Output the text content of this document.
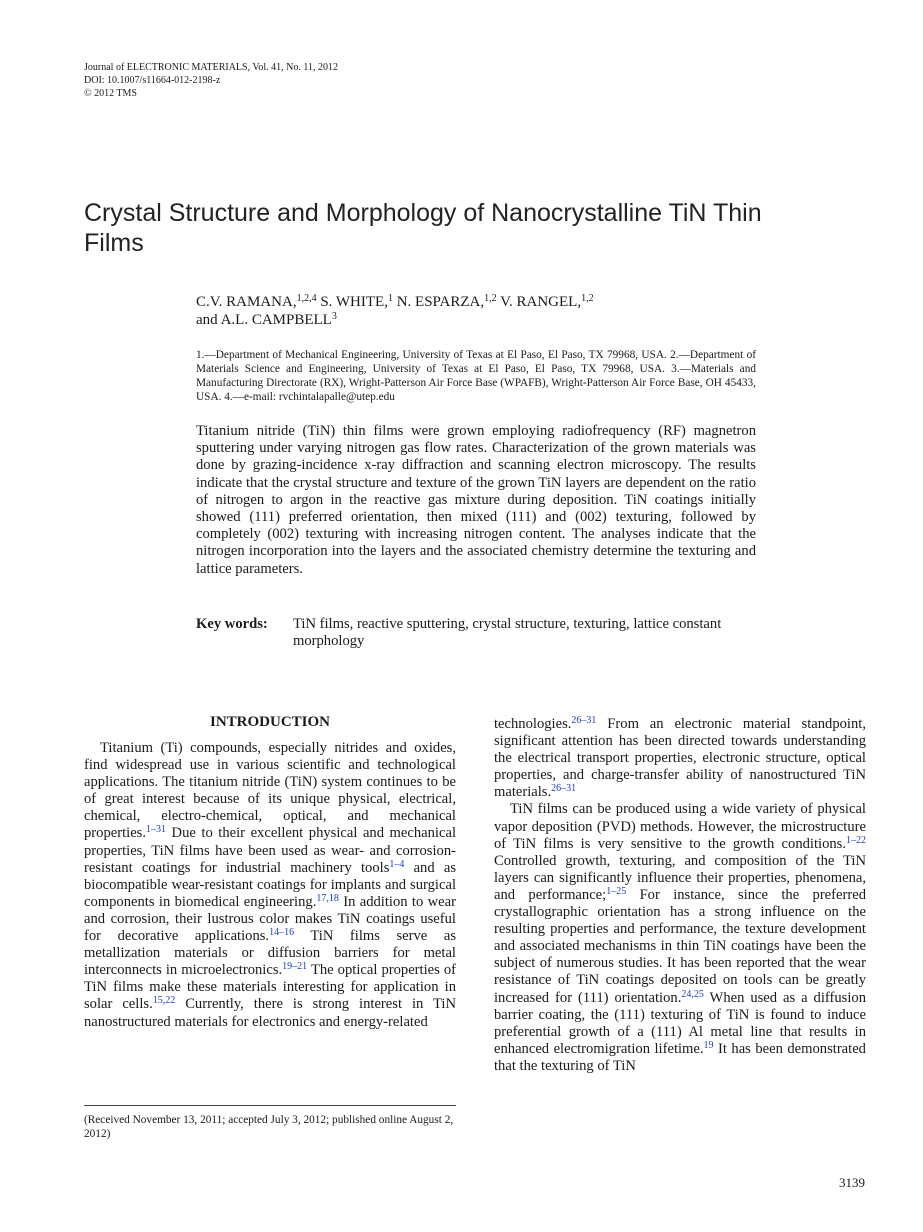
Journal of ELECTRONIC MATERIALS, Vol. 41, No. 11, 2012
DOI: 10.1007/s11664-012-2198-z
© 2012 TMS
Crystal Structure and Morphology of Nanocrystalline TiN Thin Films
C.V. RAMANA,$^{1,2,4}$ S. WHITE,$^1$ N. ESPARZA,$^{1,2}$ V. RANGEL,$^{1,2}$
and A.L. CAMPBELL$^3$
1.—Department of Mechanical Engineering, University of Texas at El Paso, El Paso, TX 79968, USA. 2.—Department of Materials Science and Engineering, University of Texas at El Paso, El Paso, TX 79968, USA. 3.—Materials and Manufacturing Directorate (RX), Wright-Patterson Air Force Base (WPAFB), Wright-Patterson Air Force Base, OH 45433, USA. 4.—e-mail: rvchintalapalle@utep.edu
Titanium nitride (TiN) thin films were grown employing radiofrequency (RF) magnetron sputtering under varying nitrogen gas flow rates. Characterization of the grown materials was done by grazing-incidence x-ray diffraction and scanning electron microscopy. The results indicate that the crystal structure and texture of the grown TiN layers are dependent on the ratio of nitrogen to argon in the reactive gas mixture during deposition. TiN coatings initially showed (111) preferred orientation, then mixed (111) and (002) texturing, followed by completely (002) texturing with increasing nitrogen content. The analyses indicate that the nitrogen incorporation into the layers and the associated chemistry determine the texturing and lattice parameters.
Key words: TiN films, reactive sputtering, crystal structure, texturing, lattice constant morphology
INTRODUCTION

Titanium (Ti) compounds, especially nitrides and oxides, find widespread use in various scientific and technological applications. The titanium nitride (TiN) system continues to be of great interest because of its unique physical, electrical, chemical, electro-chemical, optical, and mechanical properties.$^{1-31}$ Due to their excellent physical and mechanical properties, TiN films have been used as wear- and corrosion-resistant coatings for industrial machinery tools$^{1-4}$ and as biocompatible wear-resistant coatings for implants and surgical components in biomedical engineering.$^{17,18}$ In addition to wear and corrosion, their lustrous color makes TiN coatings useful for decorative applications.$^{14-16}$ TiN films serve as metallization materials or diffusion barriers for metal interconnects in microelectronics.$^{19-21}$ The optical properties of TiN films make these materials interesting for application in solar cells.$^{15,22}$ Currently, there is strong interest in TiN nanostructured materials for electronics and energy-related

technologies.$^{26-31}$ From an electronic material standpoint, significant attention has been directed towards understanding the electrical transport properties, electronic structure, optical properties, and charge-transfer ability of nanostructured TiN materials.$^{26-31}$

TiN films can be produced using a wide variety of physical vapor deposition (PVD) methods. However, the microstructure of TiN films is very sensitive to the growth conditions.$^{1-22}$ Controlled growth, texturing, and composition of the TiN layers can significantly influence their properties, phenomena, and performance;$^{1-25}$ For instance, since the preferred crystallographic orientation has a strong influence on the resulting properties and performance, the texture development and associated mechanisms in thin TiN coatings have been the subject of numerous studies. It has been reported that the wear resistance of TiN coatings deposited on tools can be greatly increased for (111) orientation.$^{24,25}$ When used as a diffusion barrier coating, the (111) texturing of TiN is found to induce preferential growth of a (111) Al metal line that results in enhanced electromigration lifetime.$^{19}$ It has been demonstrated that the texturing of TiN

(Received November 13, 2011; accepted July 3, 2012; published online August 2, 2012)
3139
